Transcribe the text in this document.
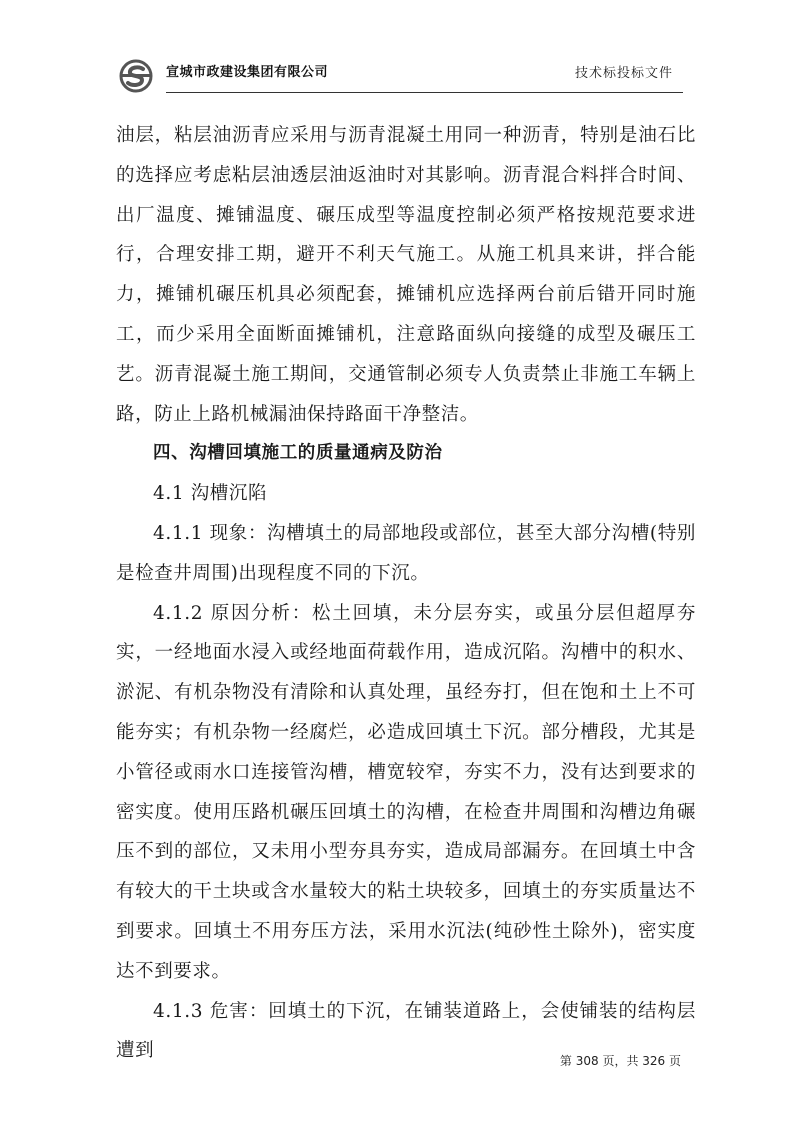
宣城市政建设集团有限公司	技术标投标文件

油层，粘层油沥青应采用与沥青混凝土用同一种沥青，特别是油石比的选择应考虑粘层油透层油返油时对其影响。沥青混合料拌合时间、出厂温度、摊铺温度、碾压成型等温度控制必须严格按规范要求进行，合理安排工期，避开不利天气施工。从施工机具来讲，拌合能力，摊铺机碾压机具必须配套，摊铺机应选择两台前后错开同时施工，而少采用全面断面摊铺机，注意路面纵向接缝的成型及碾压工艺。沥青混凝土施工期间，交通管制必须专人负责禁止非施工车辆上路，防止上路机械漏油保持路面干净整洁。

四、沟槽回填施工的质量通病及防治

4.1 沟槽沉陷

4.1.1 现象：沟槽填土的局部地段或部位，甚至大部分沟槽(特别是检查井周围)出现程度不同的下沉。

4.1.2 原因分析：松土回填，未分层夯实，或虽分层但超厚夯实，一经地面水浸入或经地面荷载作用，造成沉陷。沟槽中的积水、淤泥、有机杂物没有清除和认真处理，虽经夯打，但在饱和土上不可能夯实；有机杂物一经腐烂，必造成回填土下沉。部分槽段，尤其是小管径或雨水口连接管沟槽，槽宽较窄，夯实不力，没有达到要求的密实度。使用压路机碾压回填土的沟槽，在检查井周围和沟槽边角碾压不到的部位，又未用小型夯具夯实，造成局部漏夯。在回填土中含有较大的干土块或含水量较大的粘土块较多，回填土的夯实质量达不到要求。回填土不用夯压方法，采用水沉法(纯砂性土除外)，密实度达不到要求。

4.1.3 危害：回填土的下沉，在铺装道路上，会使铺装的结构层遭到	第 308 页，共 326 页
